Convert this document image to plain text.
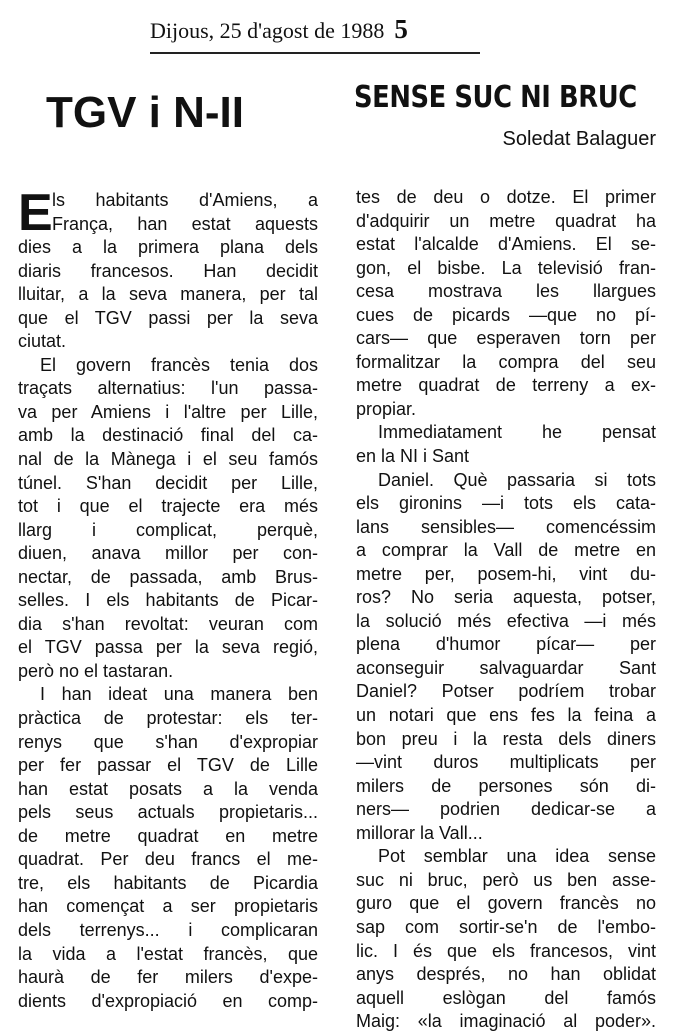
Dijous, 25 d'agost de 1988 5
TGV i N-II	SENSE SUC NI BRUC
Soledat Balaguer
E ls habitants d'Amiens, a
França, han estat aquests
dies a la primera plana dels
diaris francesos. Han decidit
lluitar, a la seva manera, per tal
que el TGV passi per la seva
ciutat.
El govern francès tenia dos
traçats alternatius: l'un passa-
va per Amiens i l'altre per Lille,
amb la destinació final del ca-
nal de la Mànega i el seu famós
túnel. S'han decidit per Lille,
tot i que el trajecte era més
llarg i complicat, perquè,
diuen, anava millor per con-
nectar, de passada, amb Brus-
selles. I els habitants de Picar-
dia s'han revoltat: veuran com
el TGV passa per la seva regió,
però no el tastaran.
I han ideat una manera ben
pràctica de protestar: els ter-
renys que s'han d'expropiar
per fer passar el TGV de Lille
han estat posats a la venda
pels seus actuals propietaris...
de metre quadrat en metre
quadrat. Per deu francs el me-
tre, els habitants de Picardia
han començat a ser propietaris
dels terrenys... i complicaran
la vida a l'estat francès, que
haurà de fer milers d'expe-
dients d'expropiació en comp-
tes de deu o dotze. El primer
d'adquirir un metre quadrat ha
estat l'alcalde d'Amiens. El se-
gon, el bisbe. La televisió fran-
cesa mostrava les llargues
cues de picards —que no pí-
cars— que esperaven torn per
formalitzar la compra del seu
metre quadrat de terreny a ex-
propiar.
Immediatament he pensat
en la NI i Sant
Daniel. Què passaria si tots
els gironins —i tots els cata-
lans sensibles— comencéssim
a comprar la Vall de metre en
metre per, posem-hi, vint du-
ros? No seria aquesta, potser,
la solució més efectiva —i més
plena d'humor pícar— per
aconseguir salvaguardar Sant
Daniel? Potser podríem trobar
un notari que ens fes la feina a
bon preu i la resta dels diners
—vint duros multiplicats per
milers de persones són di-
ners— podrien dedicar-se a
millorar la Vall...
Pot semblar una idea sense
suc ni bruc, però us ben asse-
guro que el govern francès no
sap com sortir-se'n de l'embo-
lic. I és que els francesos, vint
anys després, no han oblidat
aquell eslògan del famós
Maig: «la imaginació al poder».
